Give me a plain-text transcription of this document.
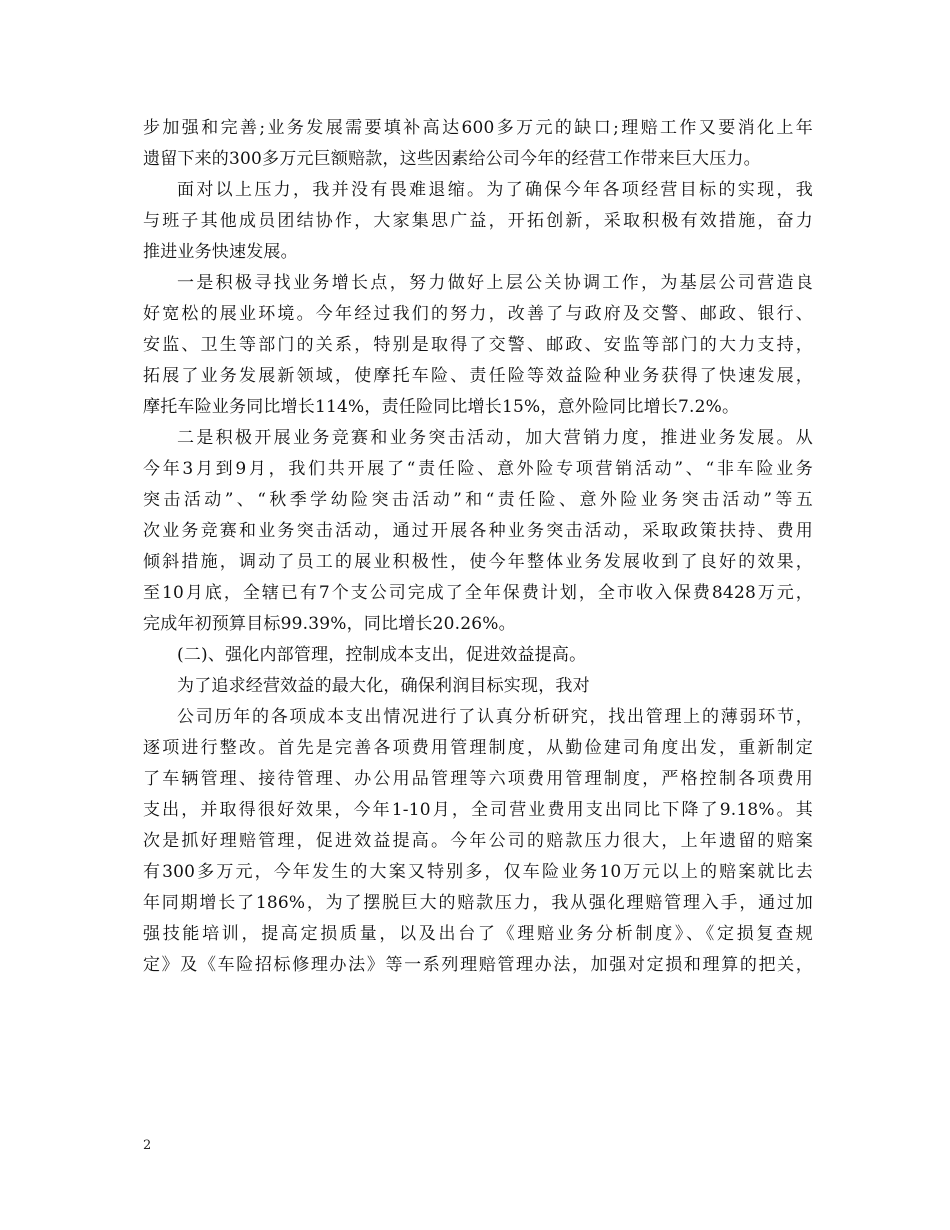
步加强和完善;业务发展需要填补高达600多万元的缺口;理赔工作又要消化上年
遗留下来的300多万元巨额赔款，这些因素给公司今年的经营工作带来巨大压力。
面对以上压力，我并没有畏难退缩。为了确保今年各项经营目标的实现，我
与班子其他成员团结协作，大家集思广益，开拓创新，采取积极有效措施，奋力
推进业务快速发展。
一是积极寻找业务增长点，努力做好上层公关协调工作，为基层公司营造良
好宽松的展业环境。今年经过我们的努力，改善了与政府及交警、邮政、银行、
安监、卫生等部门的关系，特别是取得了交警、邮政、安监等部门的大力支持，
拓展了业务发展新领域，使摩托车险、责任险等效益险种业务获得了快速发展，
摩托车险业务同比增长114%，责任险同比增长15%，意外险同比增长7.2%。
二是积极开展业务竞赛和业务突击活动，加大营销力度，推进业务发展。从
今年3月到9月，我们共开展了“责任险、意外险专项营销活动”、“非车险业务
突击活动”、“秋季学幼险突击活动”和“责任险、意外险业务突击活动”等五
次业务竞赛和业务突击活动，通过开展各种业务突击活动，采取政策扶持、费用
倾斜措施，调动了员工的展业积极性，使今年整体业务发展收到了良好的效果，
至10月底，全辖已有7个支公司完成了全年保费计划，全市收入保费8428万元，
完成年初预算目标99.39%，同比增长20.26%。
(二)、强化内部管理，控制成本支出，促进效益提高。
为了追求经营效益的最大化，确保利润目标实现，我对
公司历年的各项成本支出情况进行了认真分析研究，找出管理上的薄弱环节，
逐项进行整改。首先是完善各项费用管理制度，从勤俭建司角度出发，重新制定
了车辆管理、接待管理、办公用品管理等六项费用管理制度，严格控制各项费用
支出，并取得很好效果，今年1-10月，全司营业费用支出同比下降了9.18%。其
次是抓好理赔管理，促进效益提高。今年公司的赔款压力很大，上年遗留的赔案
有300多万元，今年发生的大案又特别多，仅车险业务10万元以上的赔案就比去
年同期增长了186%，为了摆脱巨大的赔款压力，我从强化理赔管理入手，通过加
强技能培训，提高定损质量，以及出台了《理赔业务分析制度》、《定损复查规
定》及《车险招标修理办法》等一系列理赔管理办法，加强对定损和理算的把关，
2
